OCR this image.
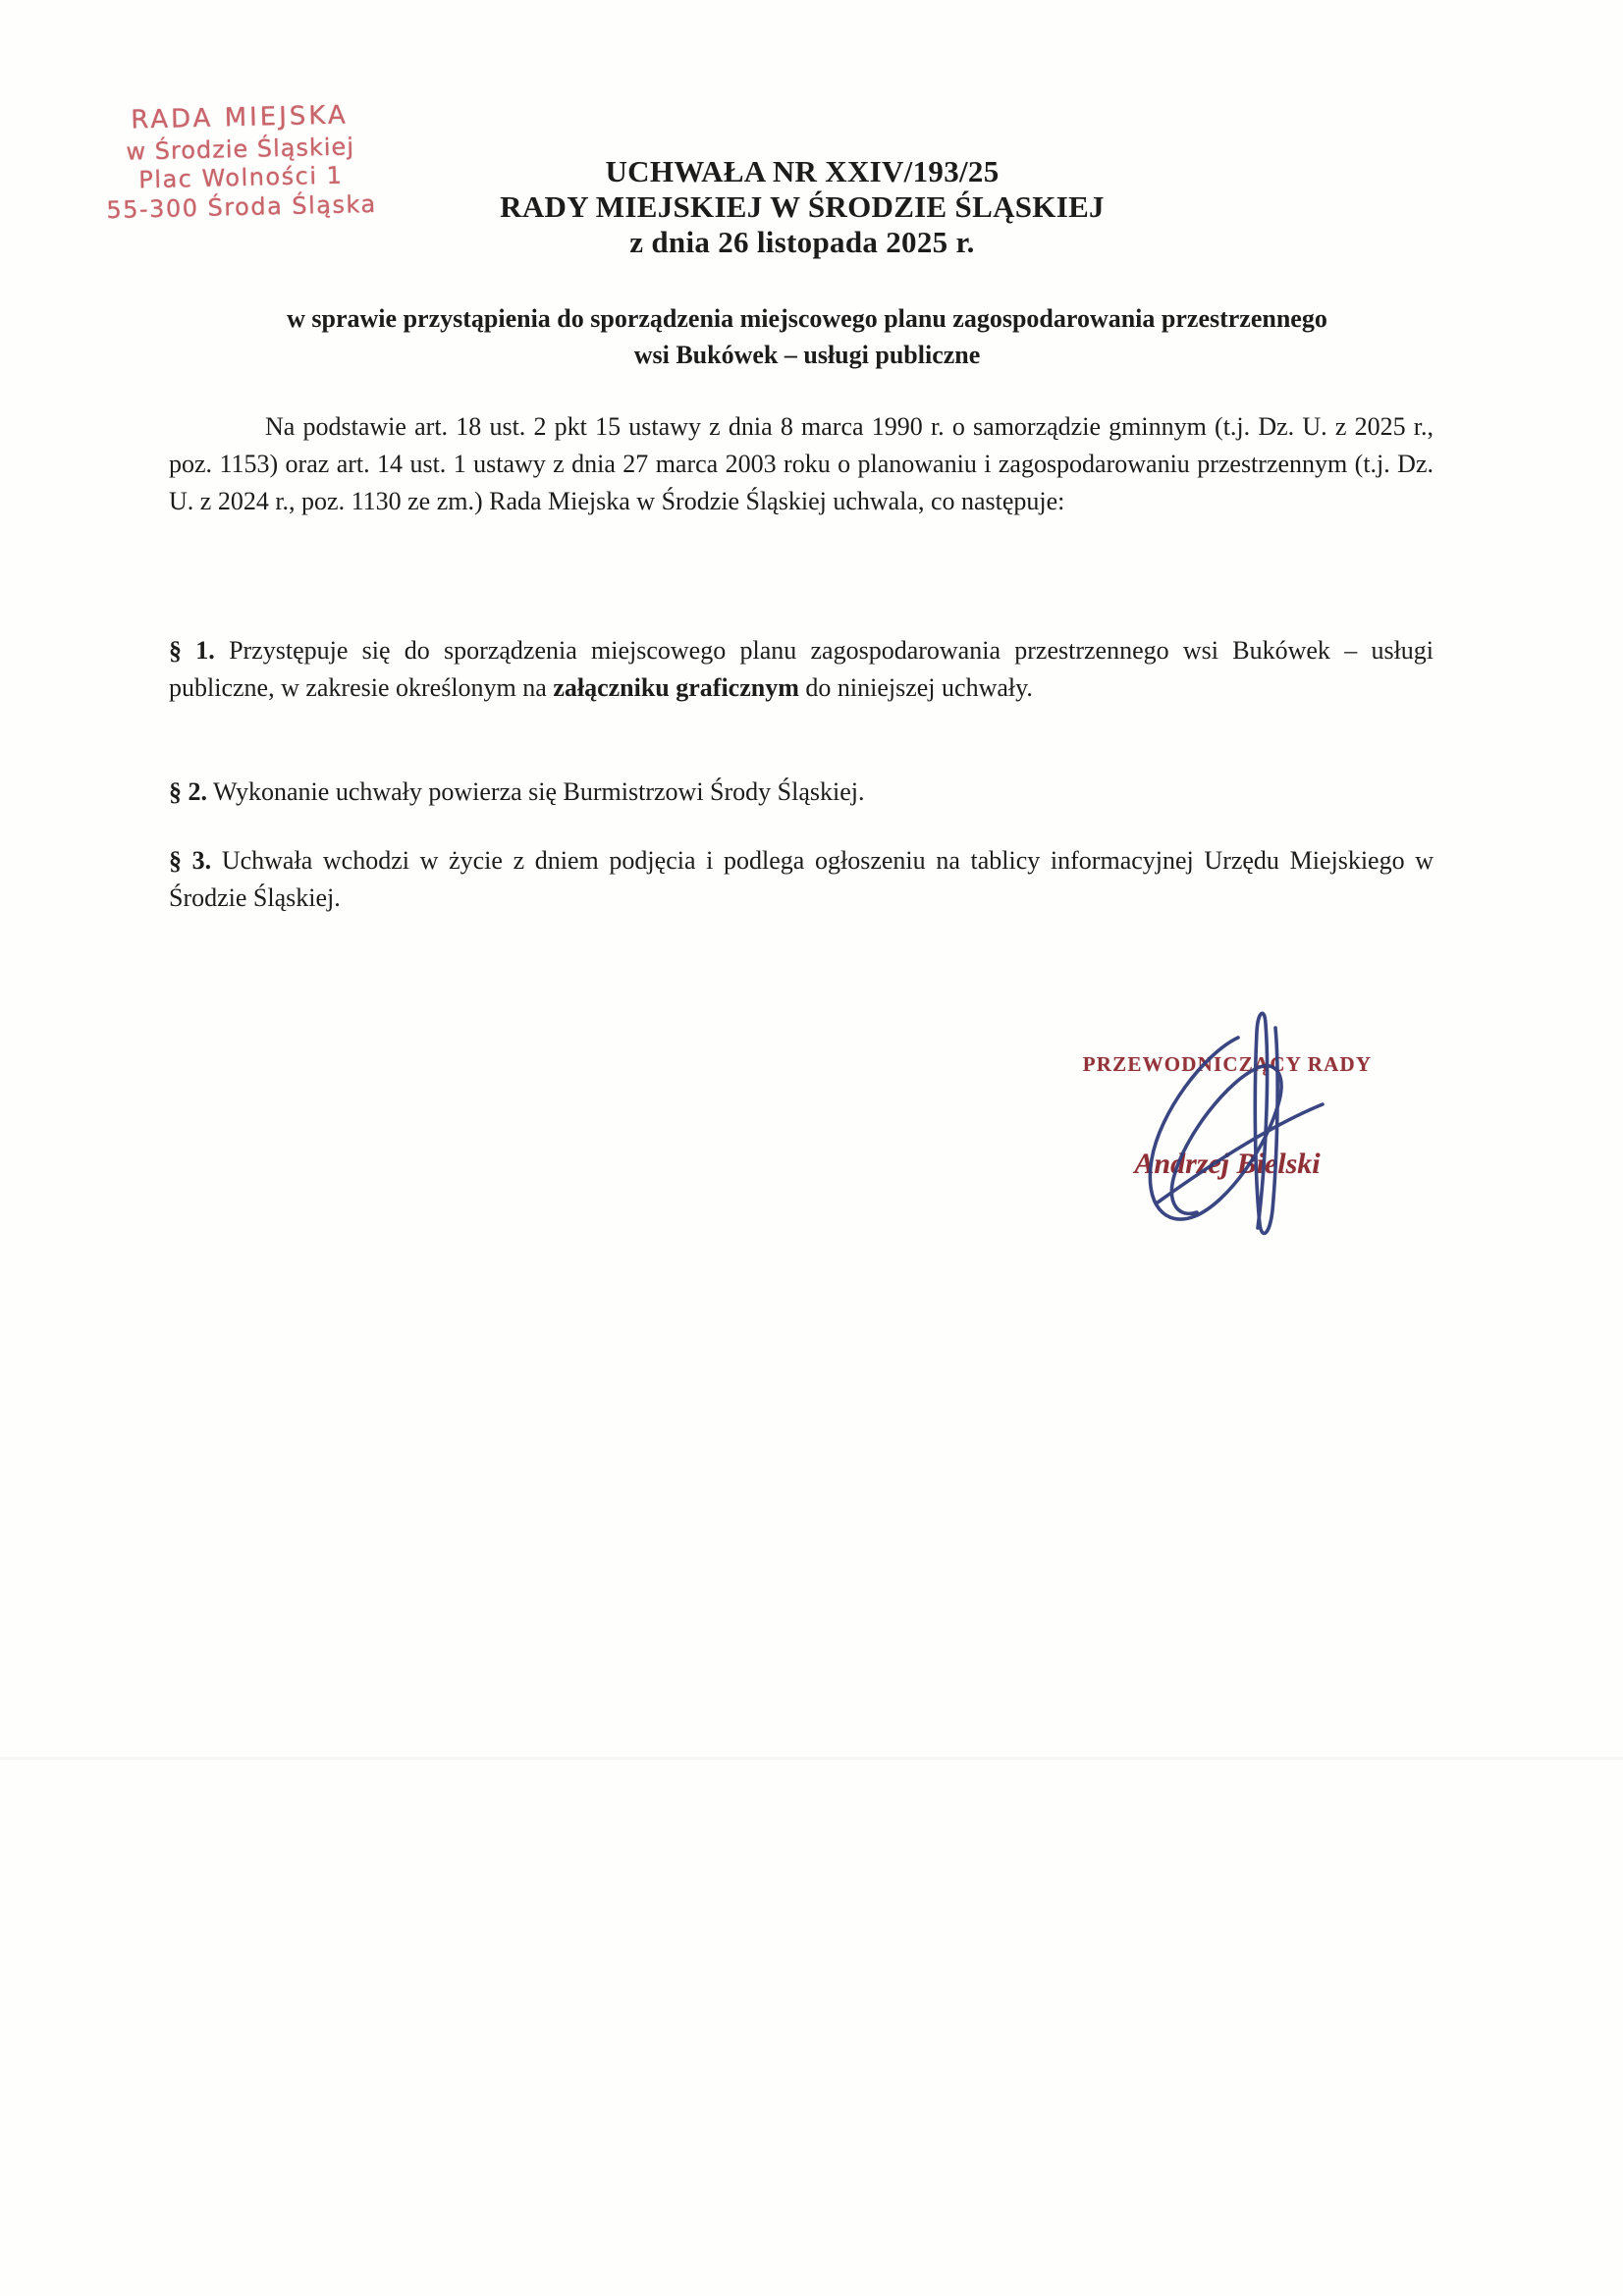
RADA MIEJSKA
w Środzie Śląskiej
Plac Wolności 1
55-300 Środa Śląska
UCHWAŁA NR XXIV/193/25
RADY MIEJSKIEJ W ŚRODZIE ŚLĄSKIEJ
z dnia 26 listopada 2025 r.
w sprawie przystąpienia do sporządzenia miejscowego planu zagospodarowania przestrzennego wsi Bukówek – usługi publiczne

Na podstawie art. 18 ust. 2 pkt 15 ustawy z dnia 8 marca 1990 r. o samorządzie gminnym (t.j. Dz. U. z 2025 r., poz. 1153) oraz art. 14 ust. 1 ustawy z dnia 27 marca 2003 roku o planowaniu i zagospodarowaniu przestrzennym (t.j. Dz. U. z 2024 r., poz. 1130 ze zm.) Rada Miejska w Środzie Śląskiej uchwala, co następuje:

§ 1. Przystępuje się do sporządzenia miejscowego planu zagospodarowania przestrzennego wsi Bukówek – usługi publiczne, w zakresie określonym na załączniku graficznym do niniejszej uchwały.

§ 2. Wykonanie uchwały powierza się Burmistrzowi Środy Śląskiej.

§ 3. Uchwała wchodzi w życie z dniem podjęcia i podlega ogłoszeniu na tablicy informacyjnej Urzędu Miejskiego w Środzie Śląskiej.

PRZEWODNICZĄCY RADY
Andrzej Bielski
